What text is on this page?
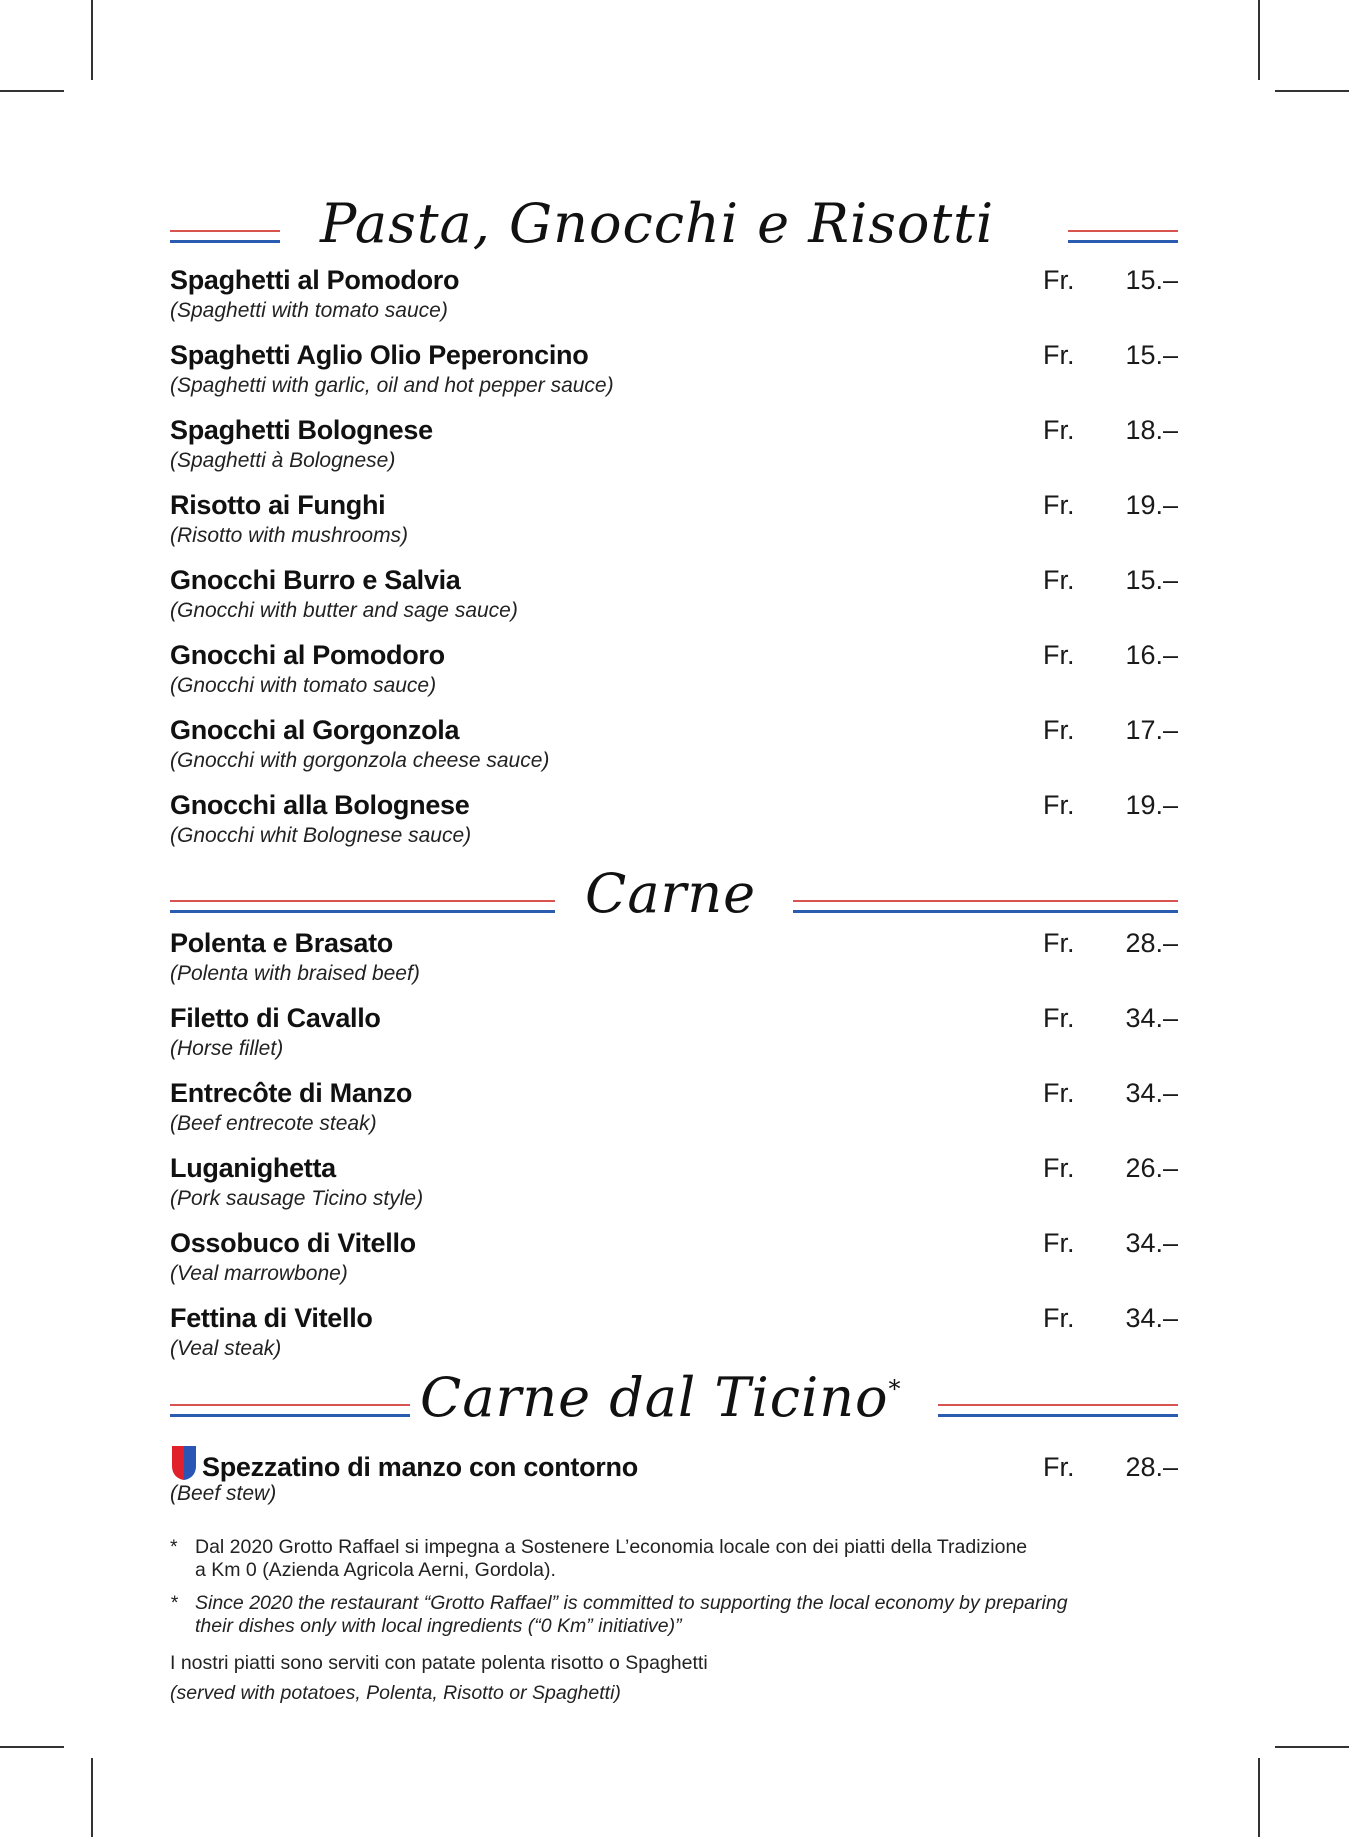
Pasta, Gnocchi e Risotti
Spaghetti al Pomodoro
(Spaghetti with tomato sauce)
Fr. 15.–
Spaghetti Aglio Olio Peperoncino
(Spaghetti with garlic, oil and hot pepper sauce)
Fr. 15.–
Spaghetti Bolognese
(Spaghetti à Bolognese)
Fr. 18.–
Risotto ai Funghi
(Risotto with mushrooms)
Fr. 19.–
Gnocchi Burro e Salvia
(Gnocchi with butter and sage sauce)
Fr. 15.–
Gnocchi al Pomodoro
(Gnocchi with tomato sauce)
Fr. 16.–
Gnocchi al Gorgonzola
(Gnocchi with gorgonzola cheese sauce)
Fr. 17.–
Gnocchi alla Bolognese
(Gnocchi whit Bolognese sauce)
Fr. 19.–
Carne
Polenta e Brasato
(Polenta with braised beef)
Fr. 28.–
Filetto di Cavallo
(Horse fillet)
Fr. 34.–
Entrecôte di Manzo
(Beef entrecote steak)
Fr. 34.–
Luganighetta
(Pork sausage Ticino style)
Fr. 26.–
Ossobuco di Vitello
(Veal marrowbone)
Fr. 34.–
Fettina di Vitello
(Veal steak)
Fr. 34.–
Carne dal Ticino*
Spezzatino di manzo con contorno
(Beef stew)
Fr. 28.–
* Dal 2020 Grotto Raffael si impegna a Sostenere L’economia locale con dei piatti della Tradizione
a Km 0 (Azienda Agricola Aerni, Gordola).
* Since 2020 the restaurant “Grotto Raffael” is committed to supporting the local economy by preparing
their dishes only with local ingredients (“0 Km” initiative)”
I nostri piatti sono serviti con patate polenta risotto o Spaghetti
(served with potatoes, Polenta, Risotto or Spaghetti)
